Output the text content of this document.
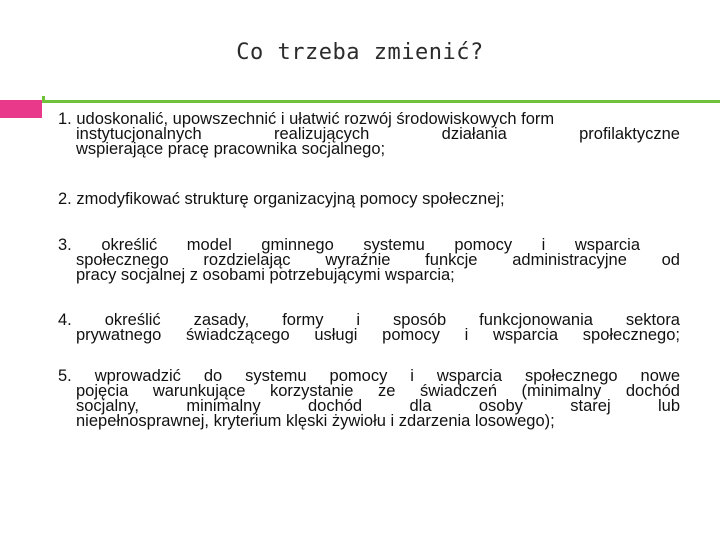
Co trzeba zmienić?

1. udoskonalić, upowszechnić i ułatwić rozwój środowiskowych form

instytucjonalnych realizujących działania profilaktyczne

wspierające pracę pracownika socjalnego;

2. zmodyfikować strukturę organizacyjną pomocy społecznej;

3. określić model gminnego systemu pomocy i wsparcia

społecznego rozdzielając wyraźnie funkcje administracyjne od

pracy socjalnej z osobami potrzebującymi wsparcia;

4. określić zasady, formy i sposób funkcjonowania sektora

prywatnego świadczącego usługi pomocy i wsparcia społecznego;

5. wprowadzić do systemu pomocy i wsparcia społecznego nowe

pojęcia warunkujące korzystanie ze świadczeń (minimalny dochód

socjalny, minimalny dochód dla osoby starej lub

niepełnosprawnej, kryterium klęski żywiołu i zdarzenia losowego);
